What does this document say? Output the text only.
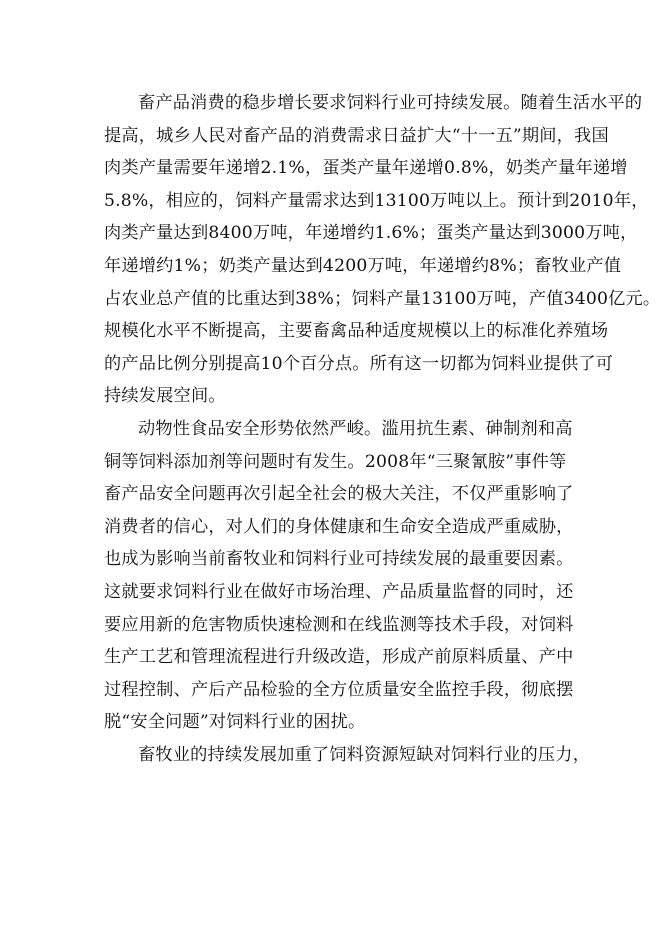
畜产品消费的稳步增长要求饲料行业可持续发展。随着生活水平的
提高，城乡人民对畜产品的消费需求日益扩大“十一五”期间，我国
肉类产量需要年递增2.1%，蛋类产量年递增0.8%，奶类产量年递增
5.8%，相应的，饲料产量需求达到13100万吨以上。预计到2010年，
肉类产量达到8400万吨，年递增约1.6%；蛋类产量达到3000万吨，
年递增约1%；奶类产量达到4200万吨，年递增约8%；畜牧业产值
占农业总产值的比重达到38%；饲料产量13100万吨，产值3400亿元。
规模化水平不断提高，主要畜禽品种适度规模以上的标准化养殖场
的产品比例分别提高10个百分点。所有这一切都为饲料业提供了可
持续发展空间。
动物性食品安全形势依然严峻。滥用抗生素、砷制剂和高
铜等饲料添加剂等问题时有发生。2008年“三聚氰胺”事件等
畜产品安全问题再次引起全社会的极大关注，不仅严重影响了
消费者的信心，对人们的身体健康和生命安全造成严重威胁，
也成为影响当前畜牧业和饲料行业可持续发展的最重要因素。
这就要求饲料行业在做好市场治理、产品质量监督的同时，还
要应用新的危害物质快速检测和在线监测等技术手段，对饲料
生产工艺和管理流程进行升级改造，形成产前原料质量、产中
过程控制、产后产品检验的全方位质量安全监控手段，彻底摆
脱“安全问题”对饲料行业的困扰。
畜牧业的持续发展加重了饲料资源短缺对饲料行业的压力，
